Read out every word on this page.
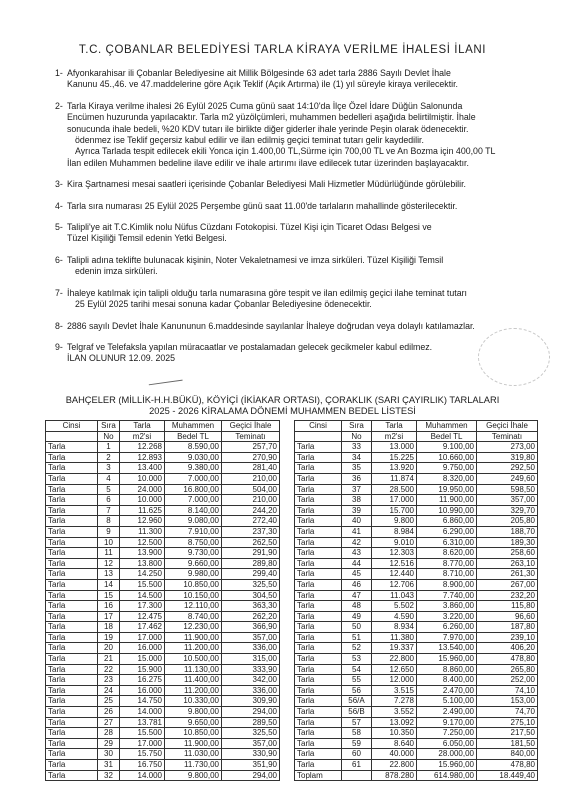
T.C. ÇOBANLAR BELEDİYESİ TARLA KİRAYA VERİLME İHALESİ İLANI
1- Afyonkarahisar ili Çobanlar Belediyesine ait Millik Bölgesinde 63 adet tarla 2886 Sayılı Devlet İhale
Kanunu 45.,46. ve 47.maddelerine göre Açık Teklif (Açık Artırma) ile (1) yıl süreyle kiraya verilecektir.
2- Tarla Kiraya verilme ihalesi 26 Eylül 2025 Cuma günü saat 14:10'da İlçe Özel İdare Düğün Salonunda
Encümen huzurunda yapılacaktır. Tarla m2 yüzölçümleri, muhammen bedelleri aşağıda belirtilmiştir. İhale
sonucunda ihale bedeli, %20 KDV tutarı ile birlikte diğer giderler ihale yerinde Peşin olarak ödenecektir.
ödenmez ise Teklif geçersiz kabul edilir ve ilan edilmiş geçici teminat tutarı gelir kaydedilir.
Ayrıca Tarlada tespit edilecek ekili Yonca için 1.400,00 TL,Sürme için 700,00 TL ve An Bozma için 400,00 TL
İlan edilen Muhammen bedeline ilave edilir ve ihale artırımı ilave edilecek tutar üzerinden başlayacaktır.
3- Kira Şartnamesi mesai saatleri içerisinde Çobanlar Belediyesi Mali Hizmetler Müdürlüğünde görülebilir.
4- Tarla sıra numarası 25 Eylül 2025 Perşembe günü saat 11.00'de tarlaların mahallinde gösterilecektir.
5- Talipli'ye ait T.C.Kimlik nolu Nüfus Cüzdanı Fotokopisi. Tüzel Kişi için Ticaret Odası Belgesi ve
Tüzel Kişiliği Temsil edenin Yetki Belgesi.
6- Talipli adına teklifte bulunacak kişinin, Noter Vekaletnamesi ve imza sirküleri. Tüzel Kişiliği Temsil
edenin imza sirküleri.
7- İhaleye katılmak için talipli olduğu tarla numarasına göre tespit ve ilan edilmiş geçici ilahe teminat tutarı
25 Eylül 2025 tarihi mesai sonuna kadar Çobanlar Belediyesine ödenecektir.
8- 2886 sayılı Devlet İhale Kanununun 6.maddesinde sayılanlar İhaleye doğrudan veya dolaylı katılamazlar.
9- Telgraf ve Telefaksla yapılan müracaatlar ve postalamadan gelecek gecikmeler kabul edilmez.
İLAN OLUNUR 12.09. 2025
BAHÇELER (MİLLİK-H.H.BÜKÜ), KÖYİÇİ (İKİAKAR ORTASI), ÇORAKLIK (SARI ÇAYIRLIK) TARLALARI
2025 - 2026 KİRALAMA DÖNEMİ MUHAMMEN BEDEL LİSTESİ
Cinsi	Sıra	Tarla	Muhammen	Geçici İhale
	No	m2'si	Bedel TL	Teminatı
Tarla	1	12.268	8.590,00	257,70
Tarla	2	12.893	9.030,00	270,90
Tarla	3	13.400	9.380,00	281,40
Tarla	4	10.000	7.000,00	210,00
Tarla	5	24.000	16.800,00	504,00
Tarla	6	10.000	7.000,00	210,00
Tarla	7	11.625	8.140,00	244,20
Tarla	8	12.960	9.080,00	272,40
Tarla	9	11.300	7.910,00	237,30
Tarla	10	12.500	8.750,00	262,50
Tarla	11	13.900	9.730,00	291,90
Tarla	12	13.800	9.660,00	289,80
Tarla	13	14.250	9.980,00	299,40
Tarla	14	15.500	10.850,00	325,50
Tarla	15	14.500	10.150,00	304,50
Tarla	16	17.300	12.110,00	363,30
Tarla	17	12.475	8.740,00	262,20
Tarla	18	17.462	12.230,00	366,90
Tarla	19	17.000	11.900,00	357,00
Tarla	20	16.000	11.200,00	336,00
Tarla	21	15.000	10.500,00	315,00
Tarla	22	15.900	11.130,00	333,90
Tarla	23	16.275	11.400,00	342,00
Tarla	24	16.000	11.200,00	336,00
Tarla	25	14.750	10.330,00	309,90
Tarla	26	14.000	9.800,00	294,00
Tarla	27	13.781	9.650,00	289,50
Tarla	28	15.500	10.850,00	325,50
Tarla	29	17.000	11.900,00	357,00
Tarla	30	15.750	11.030,00	330,90
Tarla	31	16.750	11.730,00	351,90
Tarla	32	14.000	9.800,00	294,00
Cinsi	Sıra	Tarla	Muhammen	Geçici İhale
	No	m2'si	Bedel TL	Teminatı
Tarla	33	13.000	9.100,00	273,00
Tarla	34	15.225	10.660,00	319,80
Tarla	35	13.920	9.750,00	292,50
Tarla	36	11.874	8.320,00	249,60
Tarla	37	28.500	19.950,00	598,50
Tarla	38	17.000	11.900,00	357,00
Tarla	39	15.700	10.990,00	329,70
Tarla	40	9.800	6.860,00	205,80
Tarla	41	8.984	6.290,00	188,70
Tarla	42	9.010	6.310,00	189,30
Tarla	43	12.303	8.620,00	258,60
Tarla	44	12.516	8.770,00	263,10
Tarla	45	12.440	8.710,00	261,30
Tarla	46	12.706	8.900,00	267,00
Tarla	47	11.043	7.740,00	232,20
Tarla	48	5.502	3.860,00	115,80
Tarla	49	4.590	3.220,00	96,60
Tarla	50	8.934	6.260,00	187,80
Tarla	51	11.380	7.970,00	239,10
Tarla	52	19.337	13.540,00	406,20
Tarla	53	22.800	15.960,00	478,80
Tarla	54	12.650	8.860,00	265,80
Tarla	55	12.000	8.400,00	252,00
Tarla	56	3.515	2.470,00	74,10
Tarla	56/A	7.278	5.100,00	153,00
Tarla	56/B	3.552	2.490,00	74,70
Tarla	57	13.092	9.170,00	275,10
Tarla	58	10.350	7.250,00	217,50
Tarla	59	8.640	6.050,00	181,50
Tarla	60	40.000	28.000,00	840,00
Tarla	61	22.800	15.960,00	478,80
Toplam		878.280	614.980,00	18.449,40
